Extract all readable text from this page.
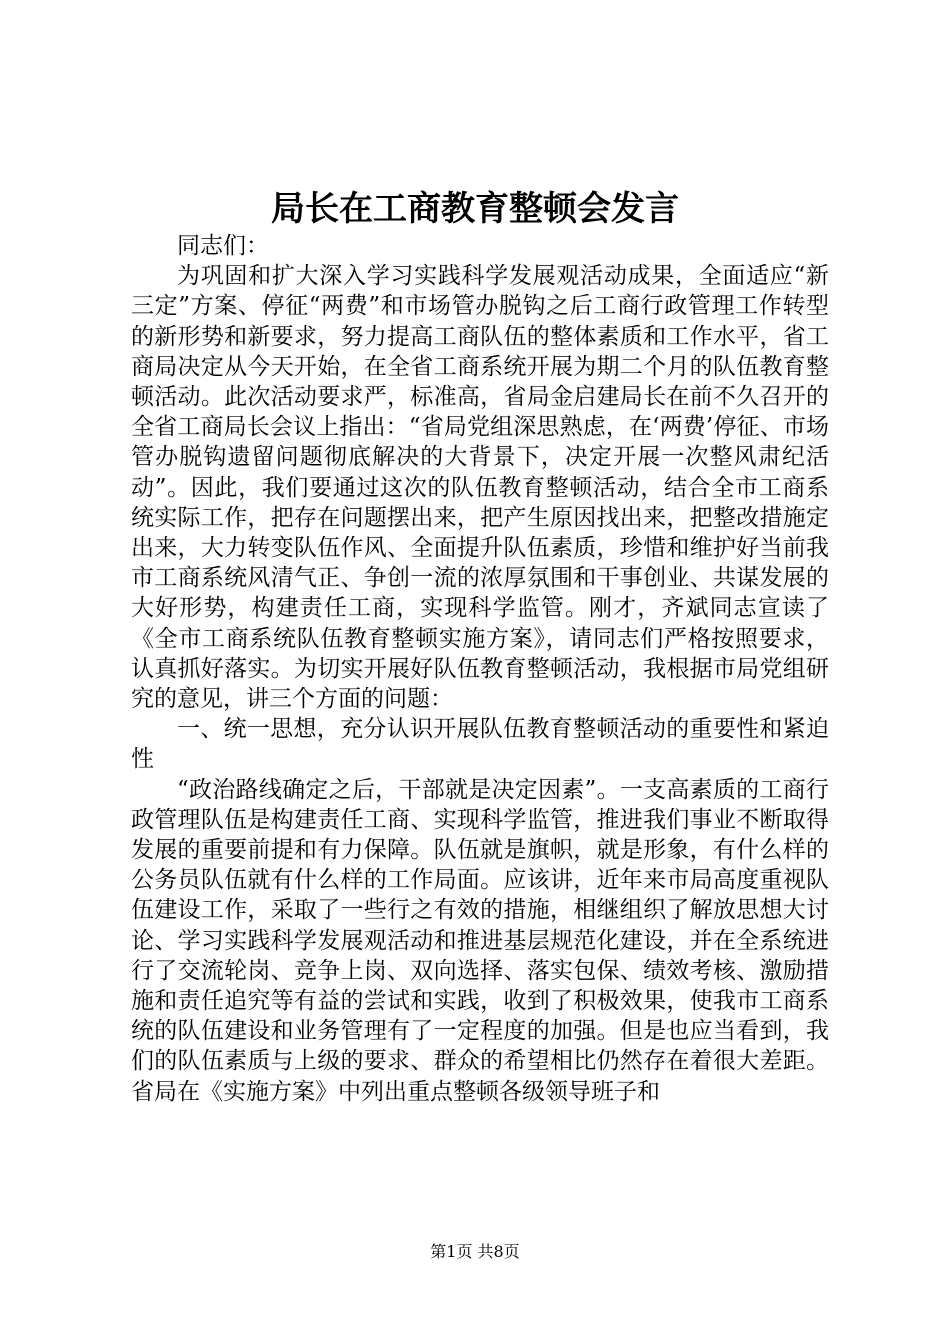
局长在工商教育整顿会发言

同志们：

为巩固和扩大深入学习实践科学发展观活动成果，全面适应“新三定”方案、停征“两费”和市场管办脱钩之后工商行政管理工作转型的新形势和新要求，努力提高工商队伍的整体素质和工作水平，省工商局决定从今天开始，在全省工商系统开展为期二个月的队伍教育整顿活动。此次活动要求严，标准高，省局金启建局长在前不久召开的全省工商局长会议上指出：“省局党组深思熟虑，在‘两费’停征、市场管办脱钩遗留问题彻底解决的大背景下，决定开展一次整风肃纪活动”。因此，我们要通过这次的队伍教育整顿活动，结合全市工商系统实际工作，把存在问题摆出来，把产生原因找出来，把整改措施定出来，大力转变队伍作风、全面提升队伍素质，珍惜和维护好当前我市工商系统风清气正、争创一流的浓厚氛围和干事创业、共谋发展的大好形势，构建责任工商，实现科学监管。刚才，齐斌同志宣读了《全市工商系统队伍教育整顿实施方案》，请同志们严格按照要求，认真抓好落实。为切实开展好队伍教育整顿活动，我根据市局党组研究的意见，讲三个方面的问题：

一、统一思想，充分认识开展队伍教育整顿活动的重要性和紧迫性

“政治路线确定之后，干部就是决定因素”。一支高素质的工商行政管理队伍是构建责任工商、实现科学监管，推进我们事业不断取得发展的重要前提和有力保障。队伍就是旗帜，就是形象，有什么样的公务员队伍就有什么样的工作局面。应该讲，近年来市局高度重视队伍建设工作，采取了一些行之有效的措施，相继组织了解放思想大讨论、学习实践科学发展观活动和推进基层规范化建设，并在全系统进行了交流轮岗、竞争上岗、双向选择、落实包保、绩效考核、激励措施和责任追究等有益的尝试和实践，收到了积极效果，使我市工商系统的队伍建设和业务管理有了一定程度的加强。但是也应当看到，我们的队伍素质与上级的要求、群众的希望相比仍然存在着很大差距。省局在《实施方案》中列出重点整顿各级领导班子和

第1页 共8页
